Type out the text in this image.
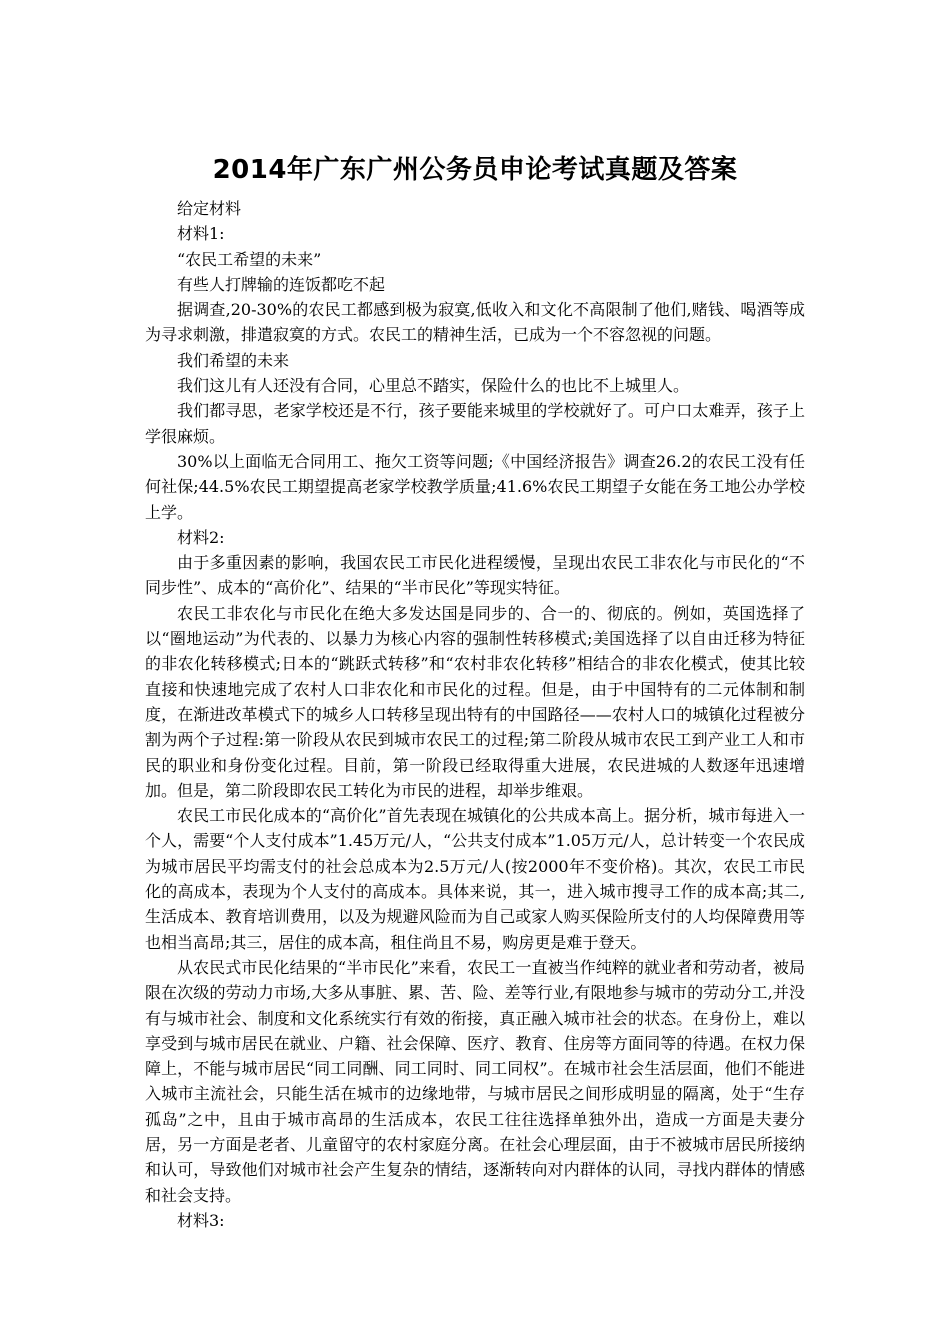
2014年广东广州公务员申论考试真题及答案

给定材料

材料1:

“农民工希望的未来”

有些人打牌输的连饭都吃不起

据调查,20-30%的农民工都感到极为寂寞,低收入和文化不高限制了他们,赌钱、喝酒等成为寻求刺激，排遣寂寞的方式。农民工的精神生活，已成为一个不容忽视的问题。

我们希望的未来

我们这儿有人还没有合同，心里总不踏实，保险什么的也比不上城里人。

我们都寻思，老家学校还是不行，孩子要能来城里的学校就好了。可户口太难弄，孩子上学很麻烦。

30%以上面临无合同用工、拖欠工资等问题;《中国经济报告》调查26.2的农民工没有任何社保;44.5%农民工期望提高老家学校教学质量;41.6%农民工期望子女能在务工地公办学校上学。

材料2:

由于多重因素的影响，我国农民工市民化进程缓慢，呈现出农民工非农化与市民化的“不同步性”、成本的“高价化”、结果的“半市民化”等现实特征。

农民工非农化与市民化在绝大多发达国是同步的、合一的、彻底的。例如，英国选择了以“圈地运动”为代表的、以暴力为核心内容的强制性转移模式;美国选择了以自由迁移为特征的非农化转移模式;日本的“跳跃式转移”和“农村非农化转移”相结合的非农化模式，使其比较直接和快速地完成了农村人口非农化和市民化的过程。但是，由于中国特有的二元体制和制度，在渐进改革模式下的城乡人口转移呈现出特有的中国路径——农村人口的城镇化过程被分割为两个子过程:第一阶段从农民到城市农民工的过程;第二阶段从城市农民工到产业工人和市民的职业和身份变化过程。目前，第一阶段已经取得重大进展，农民进城的人数逐年迅速增加。但是，第二阶段即农民工转化为市民的进程，却举步维艰。

农民工市民化成本的“高价化”首先表现在城镇化的公共成本高上。据分析，城市每进入一个人，需要“个人支付成本”1.45万元/人，“公共支付成本”1.05万元/人，总计转变一个农民成为城市居民平均需支付的社会总成本为2.5万元/人(按2000年不变价格)。其次，农民工市民化的高成本，表现为个人支付的高成本。具体来说，其一，进入城市搜寻工作的成本高;其二,生活成本、教育培训费用，以及为规避风险而为自己或家人购买保险所支付的人均保障费用等也相当高昂;其三，居住的成本高，租住尚且不易，购房更是难于登天。

从农民式市民化结果的“半市民化”来看，农民工一直被当作纯粹的就业者和劳动者，被局限在次级的劳动力市场,大多从事脏、累、苦、险、差等行业,有限地参与城市的劳动分工,并没有与城市社会、制度和文化系统实行有效的衔接，真正融入城市社会的状态。在身份上，难以享受到与城市居民在就业、户籍、社会保障、医疗、教育、住房等方面同等的待遇。在权力保障上，不能与城市居民“同工同酬、同工同时、同工同权”。在城市社会生活层面，他们不能进入城市主流社会，只能生活在城市的边缘地带，与城市居民之间形成明显的隔离，处于“生存孤岛”之中，且由于城市高昂的生活成本，农民工往往选择单独外出，造成一方面是夫妻分居，另一方面是老者、儿童留守的农村家庭分离。在社会心理层面，由于不被城市居民所接纳和认可，导致他们对城市社会产生复杂的情结，逐渐转向对内群体的认同，寻找内群体的情感和社会支持。

材料3:
